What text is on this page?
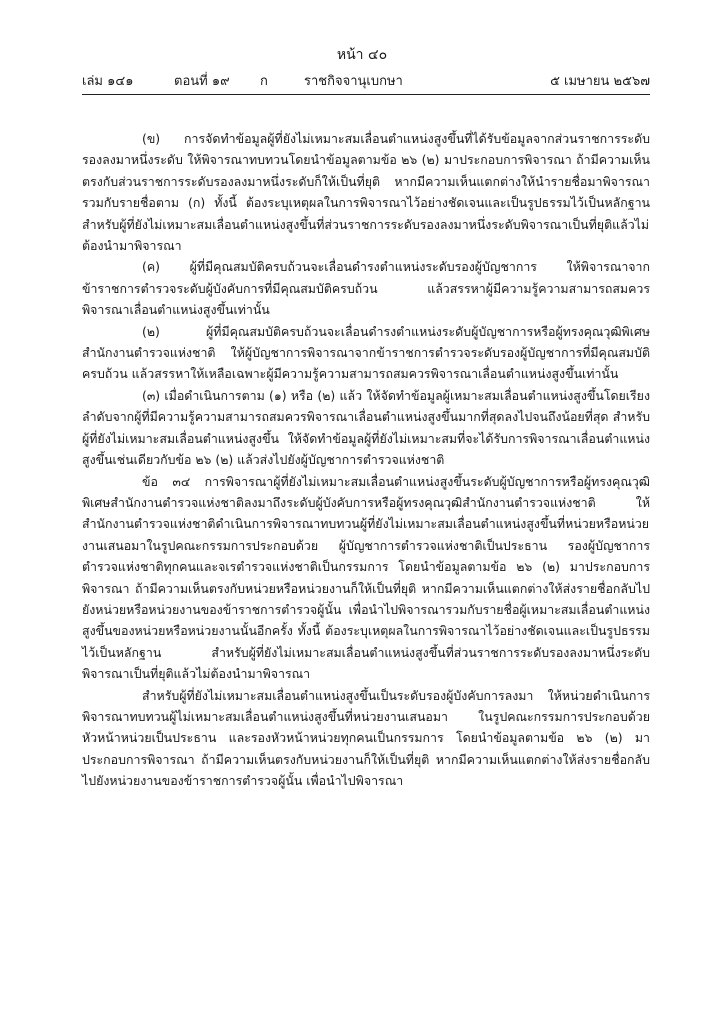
หน้า ๔๐
เล่ม ๑๔๑	ตอนที่ ๑๙ ก	ราชกิจจานุเบกษา	๕ เมษายน ๒๕๖๗

(ข) การจัดทำข้อมูลผู้ที่ยังไม่เหมาะสมเลื่อนตำแหน่งสูงขึ้นที่ได้รับข้อมูลจากส่วนราชการระดับรองลงมาหนึ่งระดับ ให้พิจารณาทบทวนโดยนำข้อมูลตามข้อ ๒๖ (๒) มาประกอบการพิจารณา ถ้ามีความเห็นตรงกับส่วนราชการระดับรองลงมาหนึ่งระดับก็ให้เป็นที่ยุติ หากมีความเห็นแตกต่างให้นำรายชื่อมาพิจารณารวมกับรายชื่อตาม (ก) ทั้งนี้ ต้องระบุเหตุผลในการพิจารณาไว้อย่างชัดเจนและเป็นรูปธรรมไว้เป็นหลักฐาน สำหรับผู้ที่ยังไม่เหมาะสมเลื่อนตำแหน่งสูงขึ้นที่ส่วนราชการระดับรองลงมาหนึ่งระดับพิจารณาเป็นที่ยุติแล้วไม่ต้องนำมาพิจารณา

(ค) ผู้ที่มีคุณสมบัติครบถ้วนจะเลื่อนดำรงตำแหน่งระดับรองผู้บัญชาการ ให้พิจารณาจากข้าราชการตำรวจระดับผู้บังคับการที่มีคุณสมบัติครบถ้วน แล้วสรรหาผู้มีความรู้ความสามารถสมควรพิจารณาเลื่อนตำแหน่งสูงขึ้นเท่านั้น

(๒) ผู้ที่มีคุณสมบัติครบถ้วนจะเลื่อนดำรงตำแหน่งระดับผู้บัญชาการหรือผู้ทรงคุณวุฒิพิเศษสำนักงานตำรวจแห่งชาติ ให้ผู้บัญชาการพิจารณาจากข้าราชการตำรวจระดับรองผู้บัญชาการที่มีคุณสมบัติครบถ้วน แล้วสรรหาให้เหลือเฉพาะผู้มีความรู้ความสามารถสมควรพิจารณาเลื่อนตำแหน่งสูงขึ้นเท่านั้น

(๓) เมื่อดำเนินการตาม (๑) หรือ (๒) แล้ว ให้จัดทำข้อมูลผู้เหมาะสมเลื่อนตำแหน่งสูงขึ้นโดยเรียงลำดับจากผู้ที่มีความรู้ความสามารถสมควรพิจารณาเลื่อนตำแหน่งสูงขึ้นมากที่สุดลงไปจนถึงน้อยที่สุด สำหรับผู้ที่ยังไม่เหมาะสมเลื่อนตำแหน่งสูงขึ้น ให้จัดทำข้อมูลผู้ที่ยังไม่เหมาะสมที่จะได้รับการพิจารณาเลื่อนตำแหน่งสูงขึ้นเช่นเดียวกับข้อ ๒๖ (๒) แล้วส่งไปยังผู้บัญชาการตำรวจแห่งชาติ

ข้อ ๓๔ การพิจารณาผู้ที่ยังไม่เหมาะสมเลื่อนตำแหน่งสูงขึ้นระดับผู้บัญชาการหรือผู้ทรงคุณวุฒิพิเศษสำนักงานตำรวจแห่งชาติลงมาถึงระดับผู้บังคับการหรือผู้ทรงคุณวุฒิสำนักงานตำรวจแห่งชาติ ให้สำนักงานตำรวจแห่งชาติดำเนินการพิจารณาทบทวนผู้ที่ยังไม่เหมาะสมเลื่อนตำแหน่งสูงขึ้นที่หน่วยหรือหน่วยงานเสนอมาในรูปคณะกรรมการประกอบด้วย ผู้บัญชาการตำรวจแห่งชาติเป็นประธาน รองผู้บัญชาการตำรวจแห่งชาติทุกคนและจเรตำรวจแห่งชาติเป็นกรรมการ โดยนำข้อมูลตามข้อ ๒๖ (๒) มาประกอบการพิจารณา ถ้ามีความเห็นตรงกับหน่วยหรือหน่วยงานก็ให้เป็นที่ยุติ หากมีความเห็นแตกต่างให้ส่งรายชื่อกลับไปยังหน่วยหรือหน่วยงานของข้าราชการตำรวจผู้นั้น เพื่อนำไปพิจารณารวมกับรายชื่อผู้เหมาะสมเลื่อนตำแหน่งสูงขึ้นของหน่วยหรือหน่วยงานนั้นอีกครั้ง ทั้งนี้ ต้องระบุเหตุผลในการพิจารณาไว้อย่างชัดเจนและเป็นรูปธรรมไว้เป็นหลักฐาน สำหรับผู้ที่ยังไม่เหมาะสมเลื่อนตำแหน่งสูงขึ้นที่ส่วนราชการระดับรองลงมาหนึ่งระดับพิจารณาเป็นที่ยุติแล้วไม่ต้องนำมาพิจารณา

สำหรับผู้ที่ยังไม่เหมาะสมเลื่อนตำแหน่งสูงขึ้นเป็นระดับรองผู้บังคับการลงมา ให้หน่วยดำเนินการพิจารณาทบทวนผู้ไม่เหมาะสมเลื่อนตำแหน่งสูงขึ้นที่หน่วยงานเสนอมา ในรูปคณะกรรมการประกอบด้วย หัวหน้าหน่วยเป็นประธาน และรองหัวหน้าหน่วยทุกคนเป็นกรรมการ โดยนำข้อมูลตามข้อ ๒๖ (๒) มาประกอบการพิจารณา ถ้ามีความเห็นตรงกับหน่วยงานก็ให้เป็นที่ยุติ หากมีความเห็นแตกต่างให้ส่งรายชื่อกลับไปยังหน่วยงานของข้าราชการตำรวจผู้นั้น เพื่อนำไปพิจารณา
